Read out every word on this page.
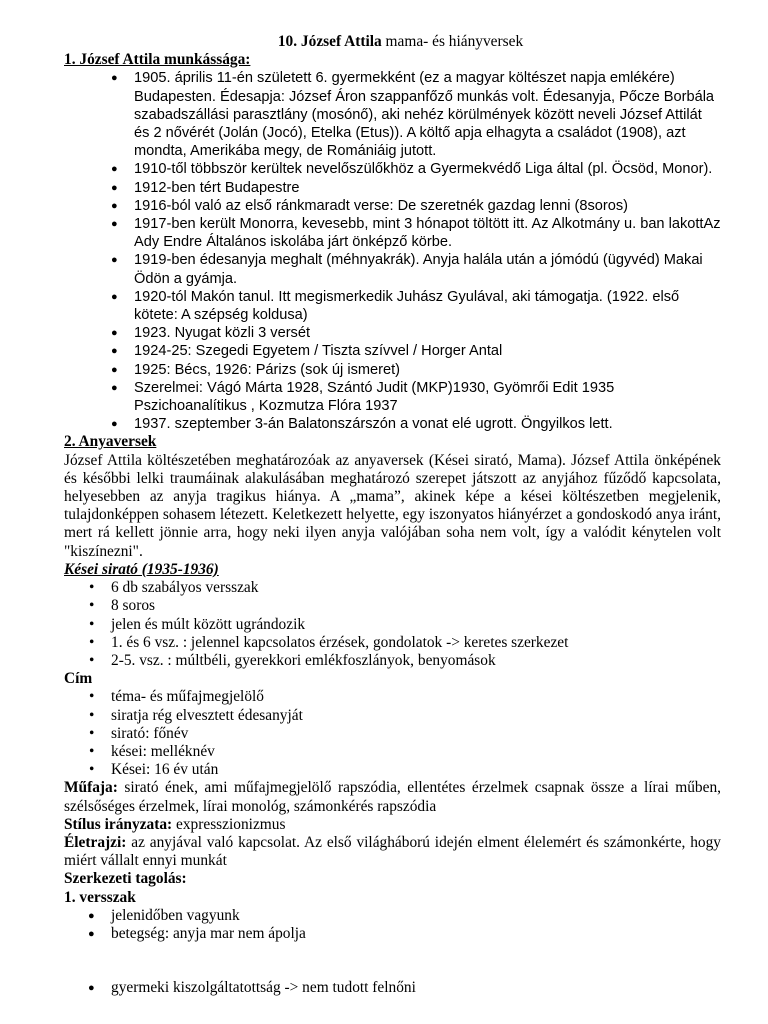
10. József Attila mama- és hiányversek

1. József Attila munkássága:

● 1905. április 11-én született 6. gyermekként (ez a magyar költészet napja emlékére) Budapesten. Édesapja: József Áron szappanfőző munkás volt. Édesanyja, Pőcze Borbála szabadszállási parasztlány (mosónő), aki nehéz körülmények között neveli József Attilát és 2 nővérét (Jolán (Jocó), Etelka (Etus)). A költő apja elhagyta a családot (1908), azt mondta, Amerikába megy, de Romániáig jutott.
● 1910-től többször kerültek nevelőszülőkhöz a Gyermekvédő Liga által (pl. Öcsöd, Monor).
● 1912-ben tért Budapestre
● 1916-ból való az első ránkmaradt verse: De szeretnék gazdag lenni (8soros)
● 1917-ben került Monorra, kevesebb, mint 3 hónapot töltött itt. Az Alkotmány u. ban lakottAz Ady Endre Általános iskolába járt önképző körbe.
● 1919-ben édesanyja meghalt (méhnyakrák). Anyja halála után a jómódú (ügyvéd) Makai Ödön a gyámja.
● 1920-tól Makón tanul. Itt megismerkedik Juhász Gyulával, aki támogatja. (1922. első kötete: A szépség koldusa)
● 1923. Nyugat közli 3 versét
● 1924-25: Szegedi Egyetem / Tiszta szívvel / Horger Antal
● 1925: Bécs, 1926: Párizs (sok új ismeret)
● Szerelmei: Vágó Márta 1928, Szántó Judit (MKP)1930, Gyömrői Edit 1935 Pszichoanalítikus , Kozmutza Flóra 1937
● 1937. szeptember 3-án Balatonszárszón a vonat elé ugrott. Öngyilkos lett.

2. Anyaversek

József Attila költészetében meghatározóak az anyaversek (Kései sirató, Mama). József Attila önképének és későbbi lelki traumáinak alakulásában meghatározó szerepet játszott az anyjához fűződő kapcsolata, helyesebben az anyja tragikus hiánya. A „mama”, akinek képe a kései költészetben megjelenik, tulajdonképpen sohasem létezett. Keletkezett helyette, egy iszonyatos hiányérzet a gondoskodó anya iránt, mert rá kellett jönnie arra, hogy neki ilyen anyja valójában soha nem volt, így a valódit kénytelen volt "kiszínezni".

Kései sirató (1935-1936)

• 6 db szabályos versszak
• 8 soros
• jelen és múlt között ugrándozik
• 1. és 6 vsz. : jelennel kapcsolatos érzések, gondolatok -> keretes szerkezet
• 2-5. vsz. : múltbéli, gyerekkori emlékfoszlányok, benyomások

Cím

• téma- és műfajmegjelölő
• siratja rég elvesztett édesanyját
• sirató: főnév
• kései: melléknév
• Kései: 16 év után

Műfaja: sirató ének, ami műfajmegjelölő rapszódia, ellentétes érzelmek csapnak össze a lírai műben, szélsőséges érzelmek, lírai monológ, számonkérés rapszódia

Stílus irányzata: expresszionizmus

Életrajzi: az anyjával való kapcsolat. Az első világháború idején elment élelemért és számonkérte, hogy miért vállalt ennyi munkát

Szerkezeti tagolás:

1. versszak

● jelenidőben vagyunk
● betegség: anyja mar nem ápolja
● gyermeki kiszolgáltatottság -> nem tudott felnőni
